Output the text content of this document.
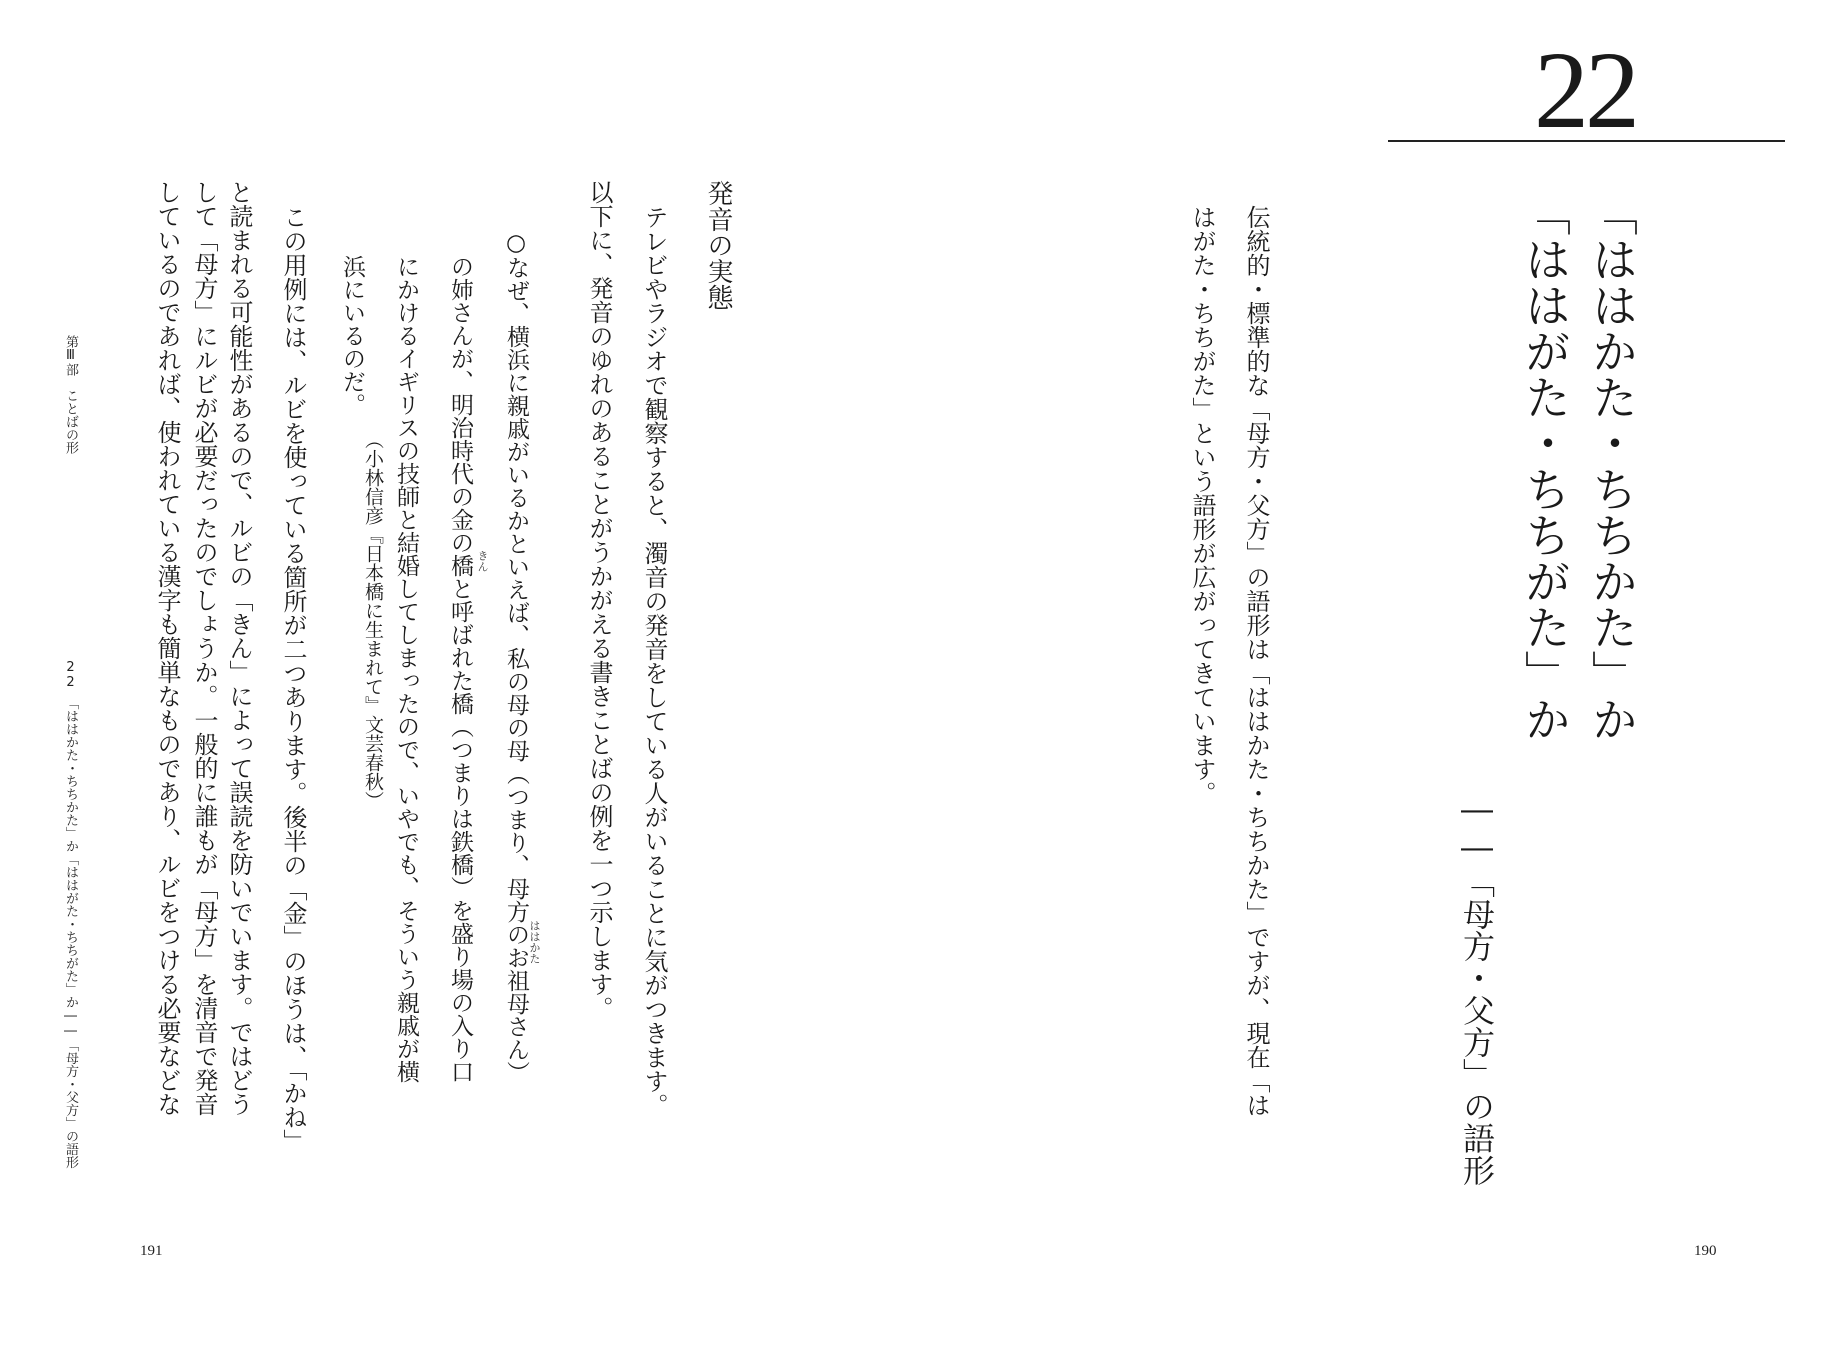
22
「ははかた・ちちかた」か
「ははがた・ちちがた」か
――「母方・父方」の語形
伝統的・標準的な「母方・父方」の語形は「ははかた・ちちかた」ですが、現在「は
はがた・ちちがた」という語形が広がってきています。
190
発音の実態
テレビやラジオで観察すると、濁音の発音をしている人がいることに気がつきます。
以下に、発音のゆれのあることがうかがえる書きことばの例を一つ示します。
○なぜ、横浜に親戚がいるかといえば、私の母の母（つまり、母方のお祖母さん）
の姉さんが、明治時代の金の橋と呼ばれた橋（つまりは鉄橋）を盛り場の入り口
にかけるイギリスの技師と結婚してしまったので、いやでも、そういう親戚が横
浜にいるのだ。
（小林信彦『日本橋に生まれて』文芸春秋）
ははかた
きん
この用例には、ルビを使っている箇所が二つあります。後半の「金」のほうは、「かね」
と読まれる可能性があるので、ルビの「きん」によって誤読を防いでいます。ではどう
して「母方」にルビが必要だったのでしょうか。一般的に誰もが「母方」を清音で発音
しているのであれば、使われている漢字も簡単なものであり、ルビをつける必要などな
第Ⅲ部　ことばの形
22　「ははかた・ちちかた」か「ははがた・ちちがた」か――「母方・父方」の語形
191
